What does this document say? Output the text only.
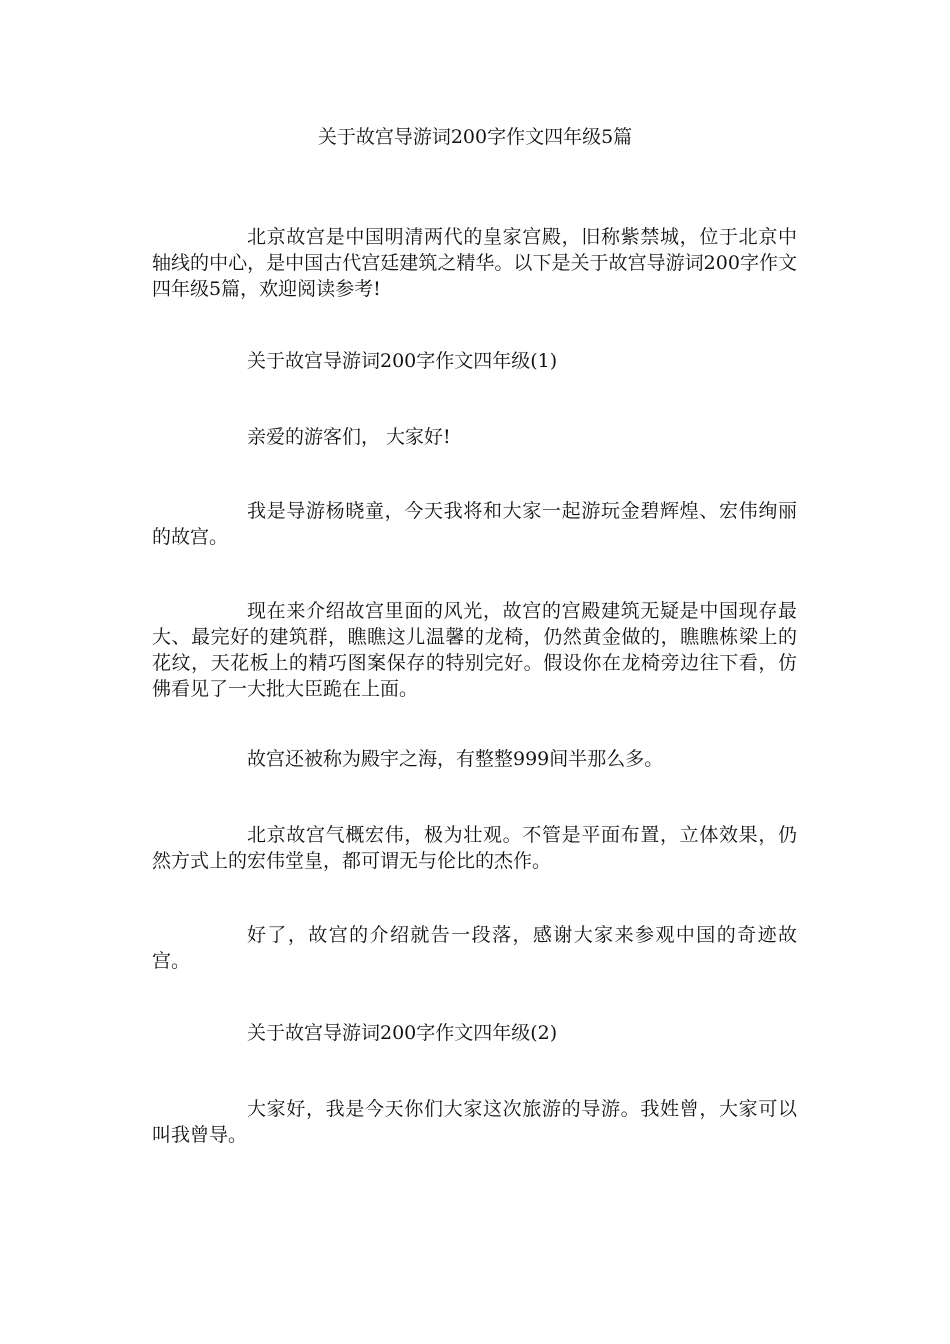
关于故宫导游词200字作文四年级5篇

北京故宫是中国明清两代的皇家宫殿，旧称紫禁城，位于北京中轴线的中心，是中国古代宫廷建筑之精华。以下是关于故宫导游词200字作文四年级5篇，欢迎阅读参考!

关于故宫导游词200字作文四年级(1)

亲爱的游客们， 大家好!

我是导游杨晓童，今天我将和大家一起游玩金碧辉煌、宏伟绚丽的故宫。

现在来介绍故宫里面的风光，故宫的宫殿建筑无疑是中国现存最大、最完好的建筑群，瞧瞧这儿温馨的龙椅，仍然黄金做的，瞧瞧栋梁上的花纹，天花板上的精巧图案保存的特别完好。假设你在龙椅旁边往下看，仿佛看见了一大批大臣跪在上面。

故宫还被称为殿宇之海，有整整999间半那么多。

北京故宫气概宏伟，极为壮观。不管是平面布置，立体效果，仍然方式上的宏伟堂皇，都可谓无与伦比的杰作。

好了，故宫的介绍就告一段落，感谢大家来参观中国的奇迹故宫。

关于故宫导游词200字作文四年级(2)

大家好，我是今天你们大家这次旅游的导游。我姓曾，大家可以叫我曾导。
